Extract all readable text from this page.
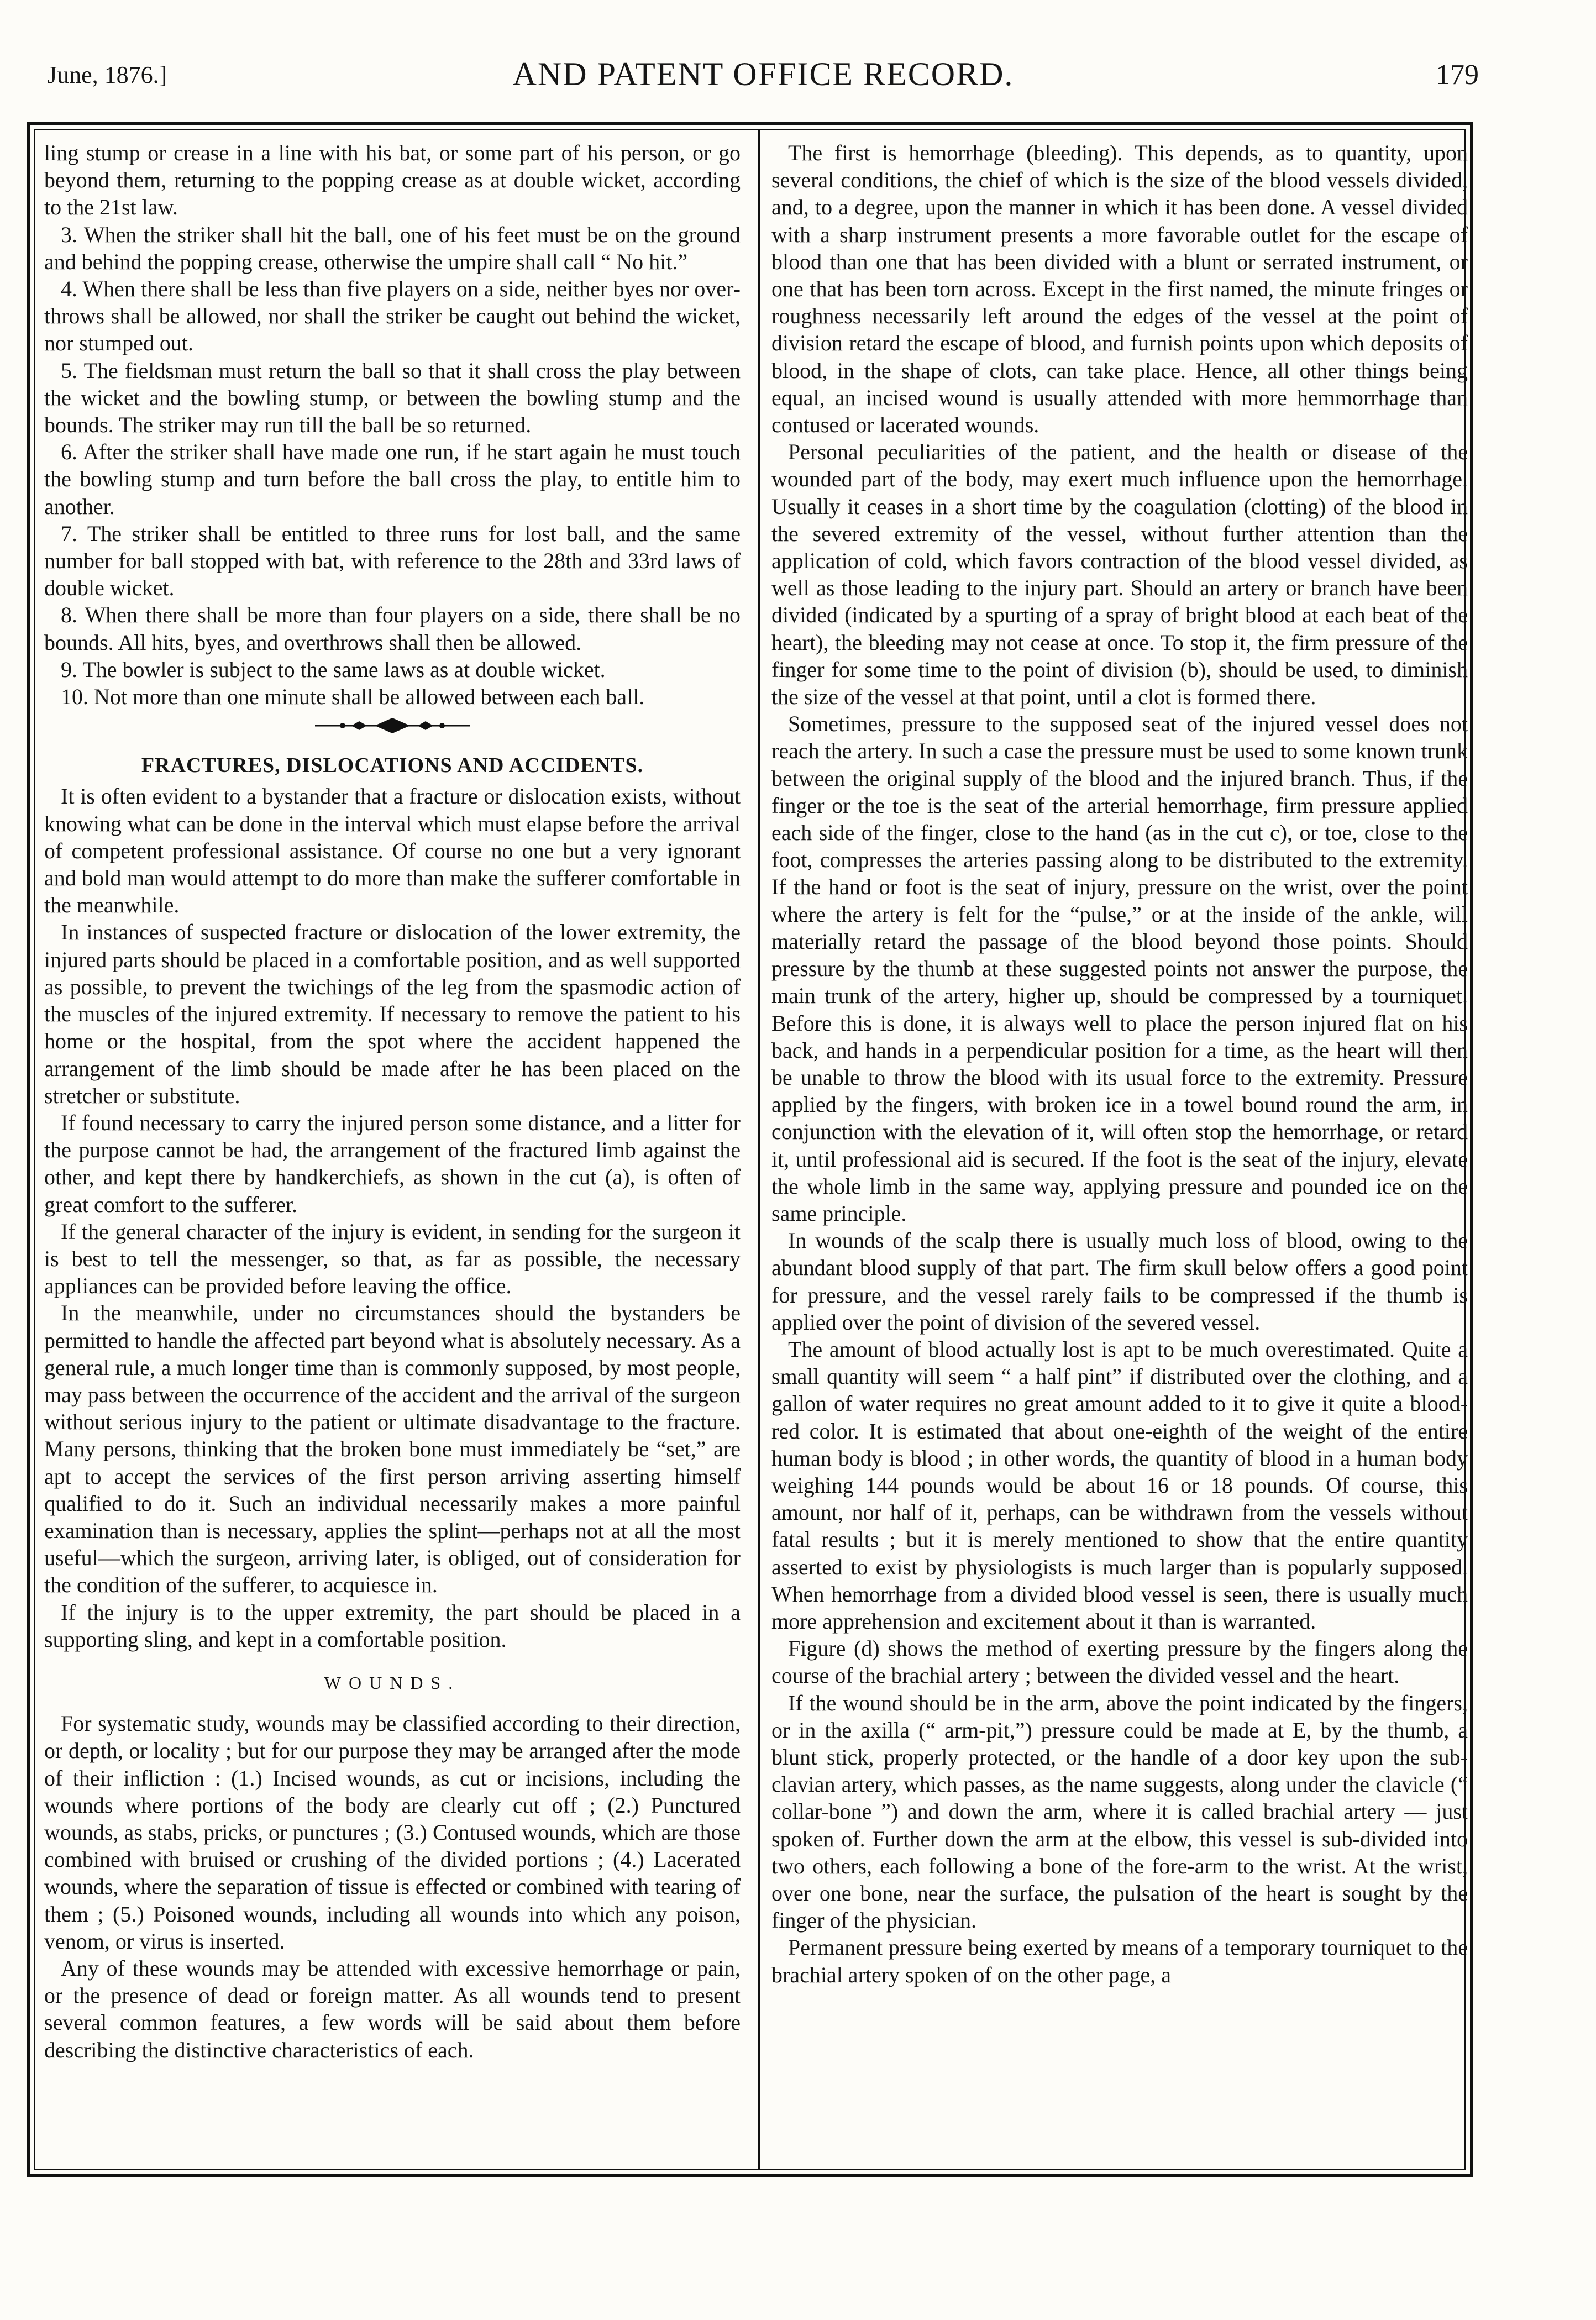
June, 1876.]	AND PATENT OFFICE RECORD.	179

ling stump or crease in a line with his bat, or some part of his person, or go beyond them, returning to the popping crease as at double wicket, according to the 21st law.

3. When the striker shall hit the ball, one of his feet must be on the ground and behind the popping crease, otherwise the umpire shall call “ No hit.”

4. When there shall be less than five players on a side, neither byes nor over-throws shall be allowed, nor shall the striker be caught out behind the wicket, nor stumped out.

5. The fieldsman must return the ball so that it shall cross the play between the wicket and the bowling stump, or between the bowling stump and the bounds. The striker may run till the ball be so returned.

6. After the striker shall have made one run, if he start again he must touch the bowling stump and turn before the ball cross the play, to entitle him to another.

7. The striker shall be entitled to three runs for lost ball, and the same number for ball stopped with bat, with reference to the 28th and 33rd laws of double wicket.

8. When there shall be more than four players on a side, there shall be no bounds. All hits, byes, and overthrows shall then be allowed.

9. The bowler is subject to the same laws as at double wicket.

10. Not more than one minute shall be allowed between each ball.

FRACTURES, DISLOCATIONS AND ACCIDENTS.

It is often evident to a bystander that a fracture or dislocation exists, without knowing what can be done in the interval which must elapse before the arrival of competent professional assistance. Of course no one but a very ignorant and bold man would attempt to do more than make the sufferer comfortable in the meanwhile.

In instances of suspected fracture or dislocation of the lower extremity, the injured parts should be placed in a comfortable position, and as well supported as possible, to prevent the twichings of the leg from the spasmodic action of the muscles of the injured extremity. If necessary to remove the patient to his home or the hospital, from the spot where the accident happened the arrangement of the limb should be made after he has been placed on the stretcher or substitute.

If found necessary to carry the injured person some distance, and a litter for the purpose cannot be had, the arrangement of the fractured limb against the other, and kept there by handkerchiefs, as shown in the cut (a), is often of great comfort to the sufferer.

If the general character of the injury is evident, in sending for the surgeon it is best to tell the messenger, so that, as far as possible, the necessary appliances can be provided before leaving the office.

In the meanwhile, under no circumstances should the bystanders be permitted to handle the affected part beyond what is absolutely necessary. As a general rule, a much longer time than is commonly supposed, by most people, may pass between the occurrence of the accident and the arrival of the surgeon without serious injury to the patient or ultimate disadvantage to the fracture. Many persons, thinking that the broken bone must immediately be “set,” are apt to accept the services of the first person arriving asserting himself qualified to do it. Such an individual necessarily makes a more painful examination than is necessary, applies the splint—perhaps not at all the most useful—which the surgeon, arriving later, is obliged, out of consideration for the condition of the sufferer, to acquiesce in.

If the injury is to the upper extremity, the part should be placed in a supporting sling, and kept in a comfortable position.

WOUNDS.

For systematic study, wounds may be classified according to their direction, or depth, or locality ; but for our purpose they may be arranged after the mode of their infliction : (1.) Incised wounds, as cut or incisions, including the wounds where portions of the body are clearly cut off ; (2.) Punctured wounds, as stabs, pricks, or punctures ; (3.) Contused wounds, which are those combined with bruised or crushing of the divided portions ; (4.) Lacerated wounds, where the separation of tissue is effected or combined with tearing of them ; (5.) Poisoned wounds, including all wounds into which any poison, venom, or virus is inserted.

Any of these wounds may be attended with excessive hemorrhage or pain, or the presence of dead or foreign matter. As all wounds tend to present several common features, a few words will be said about them before describing the distinctive characteristics of each.

The first is hemorrhage (bleeding). This depends, as to quantity, upon several conditions, the chief of which is the size of the blood vessels divided, and, to a degree, upon the manner in which it has been done. A vessel divided with a sharp instrument presents a more favorable outlet for the escape of blood than one that has been divided with a blunt or serrated instrument, or one that has been torn across. Except in the first named, the minute fringes or roughness necessarily left around the edges of the vessel at the point of division retard the escape of blood, and furnish points upon which deposits of blood, in the shape of clots, can take place. Hence, all other things being equal, an incised wound is usually attended with more hemmorrhage than contused or lacerated wounds.

Personal peculiarities of the patient, and the health or disease of the wounded part of the body, may exert much influence upon the hemorrhage. Usually it ceases in a short time by the coagulation (clotting) of the blood in the severed extremity of the vessel, without further attention than the application of cold, which favors contraction of the blood vessel divided, as well as those leading to the injury part. Should an artery or branch have been divided (indicated by a spurting of a spray of bright blood at each beat of the heart), the bleeding may not cease at once. To stop it, the firm pressure of the finger for some time to the point of division (b), should be used, to diminish the size of the vessel at that point, until a clot is formed there.

Sometimes, pressure to the supposed seat of the injured vessel does not reach the artery. In such a case the pressure must be used to some known trunk between the original supply of the blood and the injured branch. Thus, if the finger or the toe is the seat of the arterial hemorrhage, firm pressure applied each side of the finger, close to the hand (as in the cut c), or toe, close to the foot, compresses the arteries passing along to be distributed to the extremity. If the hand or foot is the seat of injury, pressure on the wrist, over the point where the artery is felt for the “pulse,” or at the inside of the ankle, will materially retard the passage of the blood beyond those points. Should pressure by the thumb at these suggested points not answer the purpose, the main trunk of the artery, higher up, should be compressed by a tourniquet. Before this is done, it is always well to place the person injured flat on his back, and hands in a perpendicular position for a time, as the heart will then be unable to throw the blood with its usual force to the extremity. Pressure applied by the fingers, with broken ice in a towel bound round the arm, in conjunction with the elevation of it, will often stop the hemorrhage, or retard it, until professional aid is secured. If the foot is the seat of the injury, elevate the whole limb in the same way, applying pressure and pounded ice on the same principle.

In wounds of the scalp there is usually much loss of blood, owing to the abundant blood supply of that part. The firm skull below offers a good point for pressure, and the vessel rarely fails to be compressed if the thumb is applied over the point of division of the severed vessel.

The amount of blood actually lost is apt to be much overestimated. Quite a small quantity will seem “ a half pint” if distributed over the clothing, and a gallon of water requires no great amount added to it to give it quite a blood-red color. It is estimated that about one-eighth of the weight of the entire human body is blood ; in other words, the quantity of blood in a human body weighing 144 pounds would be about 16 or 18 pounds. Of course, this amount, nor half of it, perhaps, can be withdrawn from the vessels without fatal results ; but it is merely mentioned to show that the entire quantity asserted to exist by physiologists is much larger than is popularly supposed. When hemorrhage from a divided blood vessel is seen, there is usually much more apprehension and excitement about it than is warranted.

Figure (d) shows the method of exerting pressure by the fingers along the course of the brachial artery ; between the divided vessel and the heart.

If the wound should be in the arm, above the point indicated by the fingers, or in the axilla (“ arm-pit,”) pressure could be made at E, by the thumb, a blunt stick, properly protected, or the handle of a door key upon the sub-clavian artery, which passes, as the name suggests, along under the clavicle (“ collar-bone ”) and down the arm, where it is called brachial artery — just spoken of. Further down the arm at the elbow, this vessel is sub-divided into two others, each following a bone of the fore-arm to the wrist. At the wrist, over one bone, near the surface, the pulsation of the heart is sought by the finger of the physician.

Permanent pressure being exerted by means of a temporary tourniquet to the brachial artery spoken of on the other page, a
